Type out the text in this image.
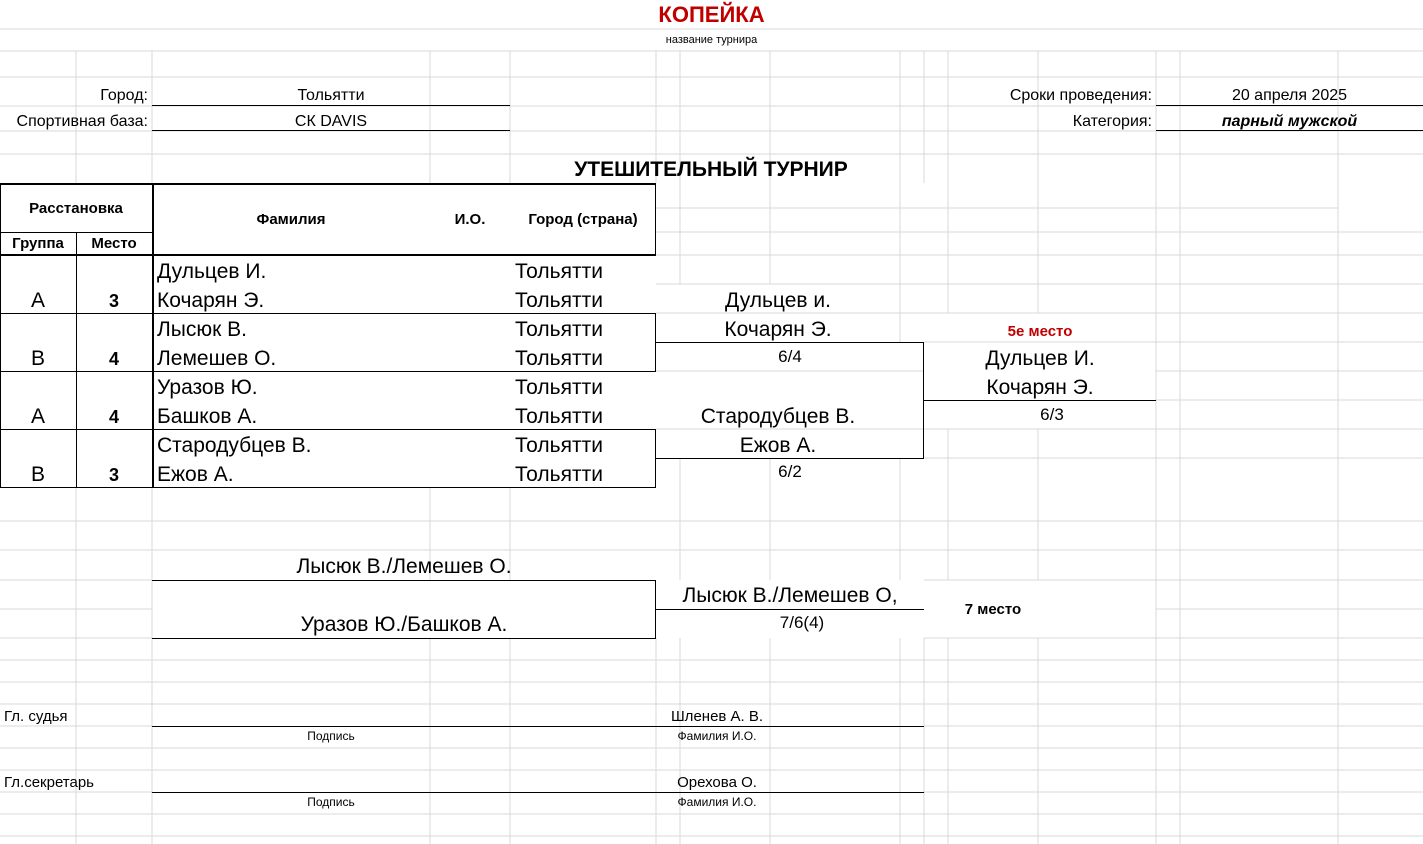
КОПЕЙКА
название турнира
Город:	Тольятти
Спортивная база:	СК DAVIS
Сроки проведения:	20 апреля 2025
Категория:	парный мужской
УТЕШИТЕЛЬНЫЙ ТУРНИР
Расстановка
Группа	Место
Фамилия	И.О.	Город (страна)
A	3
Дульцев И.	Тольятти
Кочарян Э.	Тольятти
B	4
Лысюк В.	Тольятти
Лемешев О.	Тольятти
A	4
Уразов Ю.	Тольятти
Башков А.	Тольятти
B	3
Стародубцев В.	Тольятти
Ежов А.	Тольятти
Дульцев и.
Кочарян Э.
6/4
Стародубцев В.
Ежов А.
6/2
5е место
Дульцев И.
Кочарян Э.
6/3
Лысюк В./Лемешев О.
Уразов Ю./Башков А.
Лысюк В./Лемешев О,
7/6(4)
7 место
Гл. судья	Шленев А. В.
Подпись	Фамилия И.О.
Гл.секретарь	Орехова О.
Подпись	Фамилия И.О.
